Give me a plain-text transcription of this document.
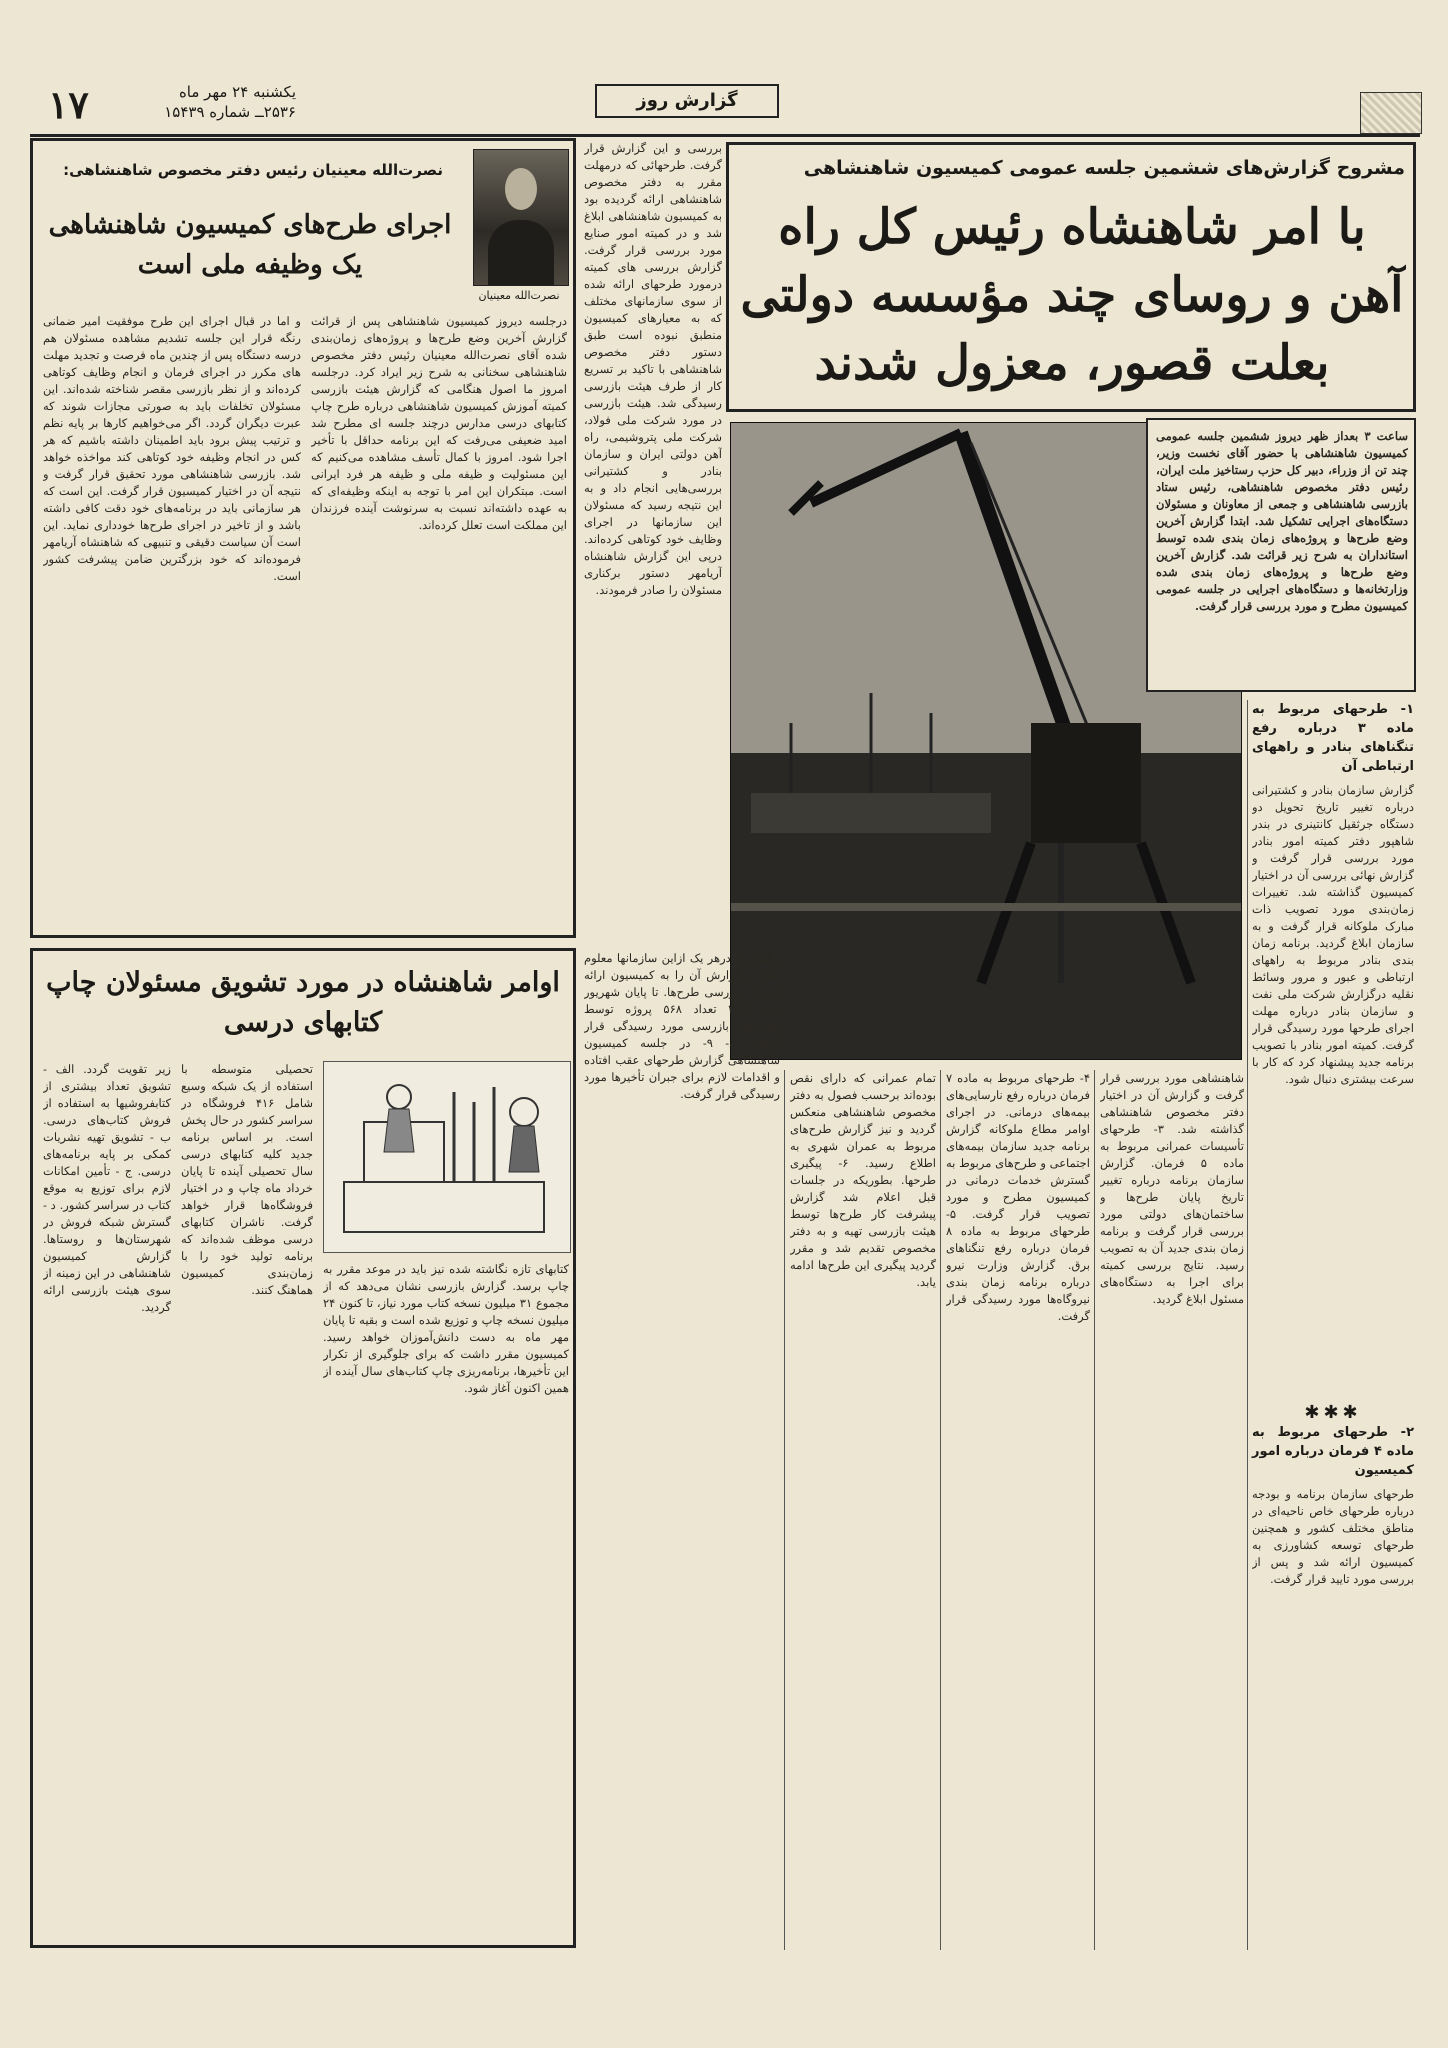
۱۷	یکشنبه ۲۴ مهر ماه
۲۵۳۶ــ شماره ۱۵۴۳۹
گزارش روز
نصرت‌الله معینیان رئیس دفتر مخصوص شاهنشاهی:
نصرت‌الله معینیان
اجرای طرح‌های کمیسیون شاهنشاهی یک وظیفه ملی است
و اما در قبال اجرای این طرح موفقیت امیر ضمانی رنگه قرار این جلسه تشدیم مشاهده مسئولان هم درسه دستگاه پس از چندین ماه فرصت و تجدید مهلت های مکرر در اجرای فرمان و انجام وظایف کوتاهی کرده‌اند و از نظر بازرسی مقصر شناخته شده‌اند. این مسئولان تخلفات باید به صورتی مجازات شوند که عبرت دیگران گردد. اگر می‌خواهیم کارها بر پایه نظم و ترتیب پیش برود باید اطمینان داشته باشیم که هر کس در انجام وظیفه خود کوتاهی کند مواخذه خواهد شد. بازرسی شاهنشاهی مورد تحقیق قرار گرفت و نتیجه آن در اختیار کمیسیون قرار گرفت. این است که هر سازمانی باید در برنامه‌های خود دقت کافی داشته باشد و از تاخیر در اجرای طرح‌ها خودداری نماید. این است آن سیاست دقیقی و تنبیهی که شاهنشاه آریامهر فرموده‌اند که خود بزرگترین ضامن پیشرفت کشور است.
درجلسه دیروز کمیسیون شاهنشاهی پس از قرائت گزارش آخرین وضع طرح‌ها و پروژه‌های زمان‌بندی شده آقای نصرت‌الله معینیان رئیس دفتر مخصوص شاهنشاهی سخنانی به شرح زیر ایراد کرد. درجلسه امروز ما اصول هنگامی که گزارش هیئت بازرسی کمیته آموزش کمیسیون شاهنشاهی درباره طرح چاپ کتابهای درسی مدارس درچند جلسه ای مطرح شد امید ضعیفی می‌رفت که این برنامه حداقل با تأخیر اجرا شود. امروز با کمال تأسف مشاهده می‌کنیم که این مسئولیت و ظیفه ملی و ظیفه هر فرد ایرانی است. مبتکران این امر با توجه به اینکه وظیفه‌ای که به عهده داشته‌اند نسبت به سرنوشت آینده فرزندان این مملکت است تعلل کرده‌اند.
اوامر شاهنشاه در مورد تشویق مسئولان چاپ کتابهای درسی
زیر تقویت گردد. الف - تشویق تعداد بیشتری از کتابفروشیها به استفاده از فروش کتاب‌های درسی. ب - تشویق تهیه نشریات کمکی بر پایه برنامه‌های درسی. ج - تأمین امکانات لازم برای توزیع به موقع کتاب در سراسر کشور. د - گسترش شبکه فروش در شهرستان‌ها و روستاها. گزارش کمیسیون شاهنشاهی در این زمینه از سوی هیئت بازرسی ارائه گردید.
تحصیلی متوسطه با استفاده از یک شبکه وسیع شامل ۴۱۶ فروشگاه در سراسر کشور در حال پخش است. بر اساس برنامه جدید کلیه کتابهای درسی سال تحصیلی آینده تا پایان خرداد ماه چاپ و در اختیار فروشگاه‌ها قرار خواهد گرفت. ناشران کتابهای درسی موظف شده‌اند که برنامه تولید خود را با زمان‌بندی کمیسیون هماهنگ کنند.
کتابهای تازه نگاشته شده نیز باید در موعد مقرر به چاپ برسد. گزارش بازرسی نشان می‌دهد که از مجموع ۳۱ میلیون نسخه کتاب مورد نیاز، تا کنون ۲۴ میلیون نسخه چاپ و توزیع شده است و بقیه تا پایان مهر ماه به دست دانش‌آموزان خواهد رسید. کمیسیون مقرر داشت که برای جلوگیری از تکرار این تأخیرها، برنامه‌ریزی چاپ کتاب‌های سال آینده از همین اکنون آغاز شود.
بررسی و این گزارش قرار گرفت. طرحهائی که درمهلت مقرر به دفتر مخصوص شاهنشاهی ارائه گردیده بود به کمیسیون شاهنشاهی ابلاغ شد و در کمیته امور صنایع مورد بررسی قرار گرفت. گزارش بررسی های کمیته درمورد طرحهای ارائه شده از سوی سازمانهای مختلف که به معیارهای کمیسیون منطبق نبوده است طبق دستور دفتر مخصوص شاهنشاهی با تاکید بر تسریع کار از طرف هیئت بازرسی رسیدگی شد. هیئت بازرسی در مورد شرکت ملی فولاد، شرکت ملی پتروشیمی، راه آهن دولتی ایران و سازمان بنادر و کشتیرانی بررسی‌هایی انجام داد و به این نتیجه رسید که مسئولان این سازمانها در اجرای وظایف خود کوتاهی کرده‌اند. درپی این گزارش شاهنشاه آریامهر دستور برکناری مسئولان را صادر فرمودند.
مشروح گزارش‌های ششمین جلسه عمومی کمیسیون شاهنشاهی
با امر شاهنشاه رئیس کل راه آهن و روسای چند مؤسسه دولتی بعلت قصور، معزول شدند
ساعت ۳ بعداز ظهر دیروز ششمین جلسه عمومی کمیسیون شاهنشاهی با حضور آقای نخست وزیر، چند تن از وزراء، دبیر کل حزب رستاخیز ملت ایران، رئیس دفتر مخصوص شاهنشاهی، رئیس ستاد بازرسی شاهنشاهی و جمعی از معاونان و مسئولان دستگاه‌های اجرایی تشکیل شد. ابتدا گزارش آخرین وضع طرح‌ها و پروژه‌های زمان بندی شده توسط استانداران به شرح زیر قرائت شد. گزارش آخرین وضع طرح‌ها و پروژه‌های زمان بندی شده وزارتخانه‌ها و دستگاه‌های اجرایی در جلسه عمومی کمیسیون مطرح و مورد بررسی قرار گرفت.
۱- طرحهای مربوط به ماده ۳ درباره رفع تنگناهای بنادر و راههای ارتباطی آن
گزارش سازمان بنادر و کشتیرانی درباره تغییر تاریخ تحویل دو دستگاه جرثقیل کانتینری در بندر شاهپور دفتر کمیته امور بنادر مورد بررسی قرار گرفت و گزارش نهائی بررسی آن در اختیار کمیسیون گذاشته شد. تغییرات زمان‌بندی مورد تصویب ذات مبارک ملوکانه قرار گرفت و به سازمان ابلاغ گردید. برنامه زمان بندی بنادر مربوط به راههای ارتباطی و عبور و مرور وسائط نقلیه درگزارش شرکت ملی نفت و سازمان بنادر درباره مهلت اجرای طرحها مورد رسیدگی قرار گرفت. کمیته امور بنادر با تصویب برنامه جدید پیشنهاد کرد که کار با سرعت بیشتری دنبال شود.
✱✱✱
۲- طرحهای مربوط به ماده ۴ فرمان درباره امور کمیسیون
طرحهای سازمان برنامه و بودجه درباره طرحهای خاص ناحیه‌ای در مناطق مختلف کشور و همچنین طرحهای توسعه کشاورزی به کمیسیون ارائه شد و پس از بررسی مورد تایید قرار گرفت.
شاهنشاهی مورد بررسی قرار گرفت و گزارش آن در اختیار دفتر مخصوص شاهنشاهی گذاشته شد. ۳- طرحهای تأسیسات عمرانی مربوط به ماده ۵ فرمان. گزارش سازمان برنامه درباره تغییر تاریخ پایان طرح‌ها و ساختمان‌های دولتی مورد بررسی قرار گرفت و برنامه زمان بندی جدید آن به تصویب رسید. نتایج بررسی کمیته برای اجرا به دستگاه‌های مسئول ابلاغ گردید.
۴- طرحهای مربوط به ماده ۷ فرمان درباره رفع نارسایی‌های بیمه‌های درمانی. در اجرای اوامر مطاع ملوکانه گزارش برنامه جدید سازمان بیمه‌های اجتماعی و طرح‌های مربوط به گسترش خدمات درمانی در کمیسیون مطرح و مورد تصویب قرار گرفت. ۵- طرحهای مربوط به ماده ۸ فرمان درباره رفع تنگناهای برق. گزارش وزارت نیرو درباره برنامه زمان بندی نیروگاه‌ها مورد رسیدگی قرار گرفت.
تمام عمرانی که دارای نقص بوده‌اند برحسب فصول به دفتر مخصوص شاهنشاهی منعکس گردید و نیز گزارش طرح‌های مربوط به عمران شهری به اطلاع رسید. ۶- پیگیری طرحها. بطوریکه در جلسات قبل اعلام شد گزارش پیشرفت کار طرح‌ها توسط هیئت بازرسی تهیه و به دفتر مخصوص تقدیم شد و مقرر گردید پیگیری این طرح‌ها ادامه یابد.
پیگیری را درهر یک ازاین سازمانها معلوم نماید و گزارش آن را به کمیسیون ارائه کند. ۷- بازرسی طرح‌ها. تا پایان شهریور ماه ۲۵۳۶ تعداد ۵۶۸ پروژه توسط هیئت‌های بازرسی مورد رسیدگی قرار گرفت. ۸- ۹- در جلسه کمیسیون شاهنشاهی گزارش طرحهای عقب افتاده و اقدامات لازم برای جبران تأخیرها مورد رسیدگی قرار گرفت.
